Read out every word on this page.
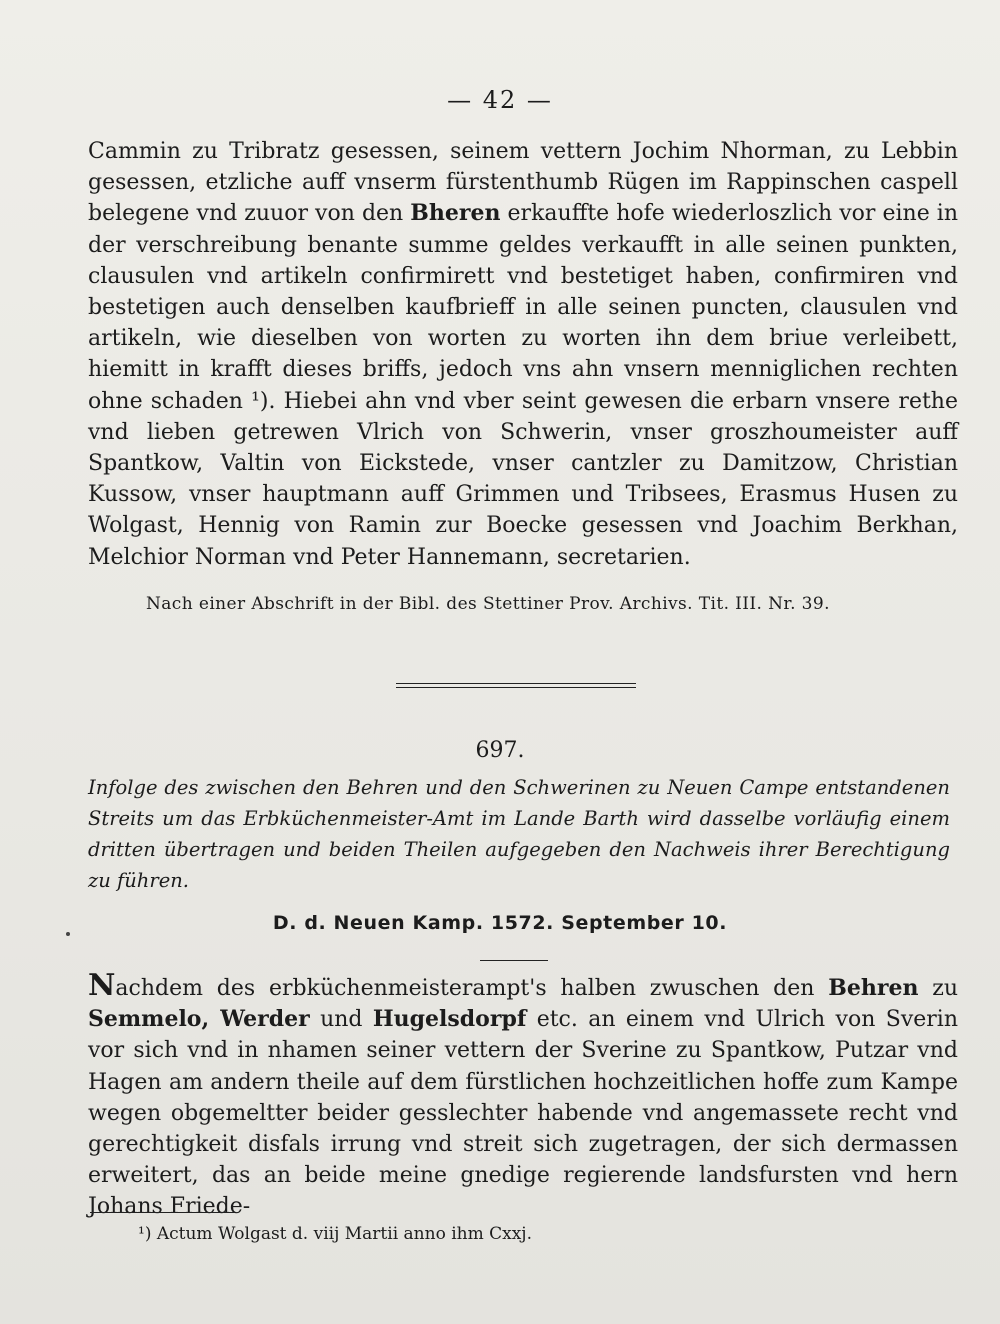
— 42 —

Cammin zu Tribratz gesessen, seinem vettern Jochim Nhorman, zu Lebbin gesessen, etzliche auff vnserm fürstenthumb Rügen im Rappinschen caspell belegene vnd zuuor von den Bheren erkauffte hofe wiederloszlich vor eine in der verschreibung benante summe geldes verkaufft in alle seinen punkten, clausulen vnd artikeln confirmirett vnd bestetiget haben, confirmiren vnd bestetigen auch denselben kaufbrieff in alle seinen puncten, clausulen vnd artikeln, wie dieselben von worten zu worten ihn dem briue verleibett, hiemitt in krafft dieses briffs, jedoch vns ahn vnsern menniglichen rechten ohne schaden ¹). Hiebei ahn vnd vber seint gewesen die erbarn vnsere rethe vnd lieben getrewen Vlrich von Schwerin, vnser groszhoumeister auff Spantkow, Valtin von Eickstede, vnser cantzler zu Damitzow, Christian Kussow, vnser hauptmann auff Grimmen und Tribsees, Erasmus Husen zu Wolgast, Hennig von Ramin zur Boecke gesessen vnd Joachim Berkhan, Melchior Norman vnd Peter Hannemann, secretarien.

Nach einer Abschrift in der Bibl. des Stettiner Prov. Archivs. Tit. III. Nr. 39.
697.
Infolge des zwischen den Behren und den Schwerinen zu Neuen Campe entstandenen Streits um das Erbküchenmeister-Amt im Lande Barth wird dasselbe vorläufig einem dritten übertragen und beiden Theilen aufgegeben den Nachweis ihrer Berechtigung zu führen.
D. d. Neuen Kamp. 1572. September 10.

Nachdem des erbküchenmeisterampt's halben zwuschen den Behren zu Semmelo, Werder und Hugelsdorpf etc. an einem vnd Ulrich von Sverin vor sich vnd in nhamen seiner vettern der Sverine zu Spantkow, Putzar vnd Hagen am andern theile auf dem fürstlichen hochzeitlichen hoffe zum Kampe wegen obgemeltter beider gesslechter habende vnd angemassete recht vnd gerechtigkeit disfals irrung vnd streit sich zugetragen, der sich dermassen erweitert, das an beide meine gnedige regierende landsfursten vnd hern Johans Friede-

¹) Actum Wolgast d. viij Martii anno ihm Cxxj.
